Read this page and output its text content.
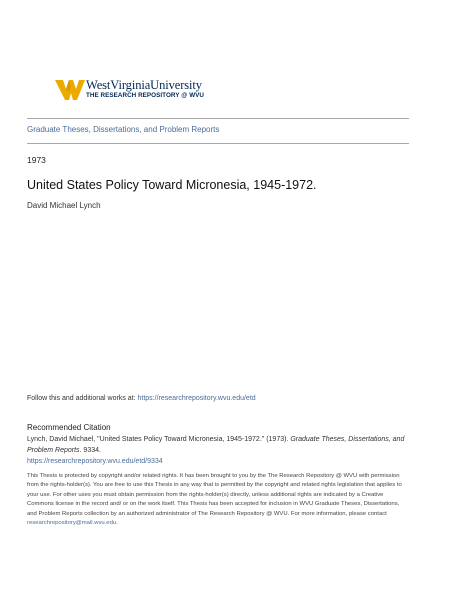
WestVirginiaUniversity
THE RESEARCH REPOSITORY @ WVU
Graduate Theses, Dissertations, and Problem Reports
1973
United States Policy Toward Micronesia, 1945-1972.
David Michael Lynch
Follow this and additional works at: https://researchrepository.wvu.edu/etd
Recommended Citation
Lynch, David Michael, "United States Policy Toward Micronesia, 1945-1972." (1973). Graduate Theses, Dissertations, and Problem Reports. 9334.
https://researchrepository.wvu.edu/etd/9334
This Thesis is protected by copyright and/or related rights. It has been brought to you by the The Research Repository @ WVU with permission from the rights-holder(s). You are free to use this Thesis in any way that is permitted by the copyright and related rights legislation that applies to your use. For other uses you must obtain permission from the rights-holder(s) directly, unless additional rights are indicated by a Creative Commons license in the record and/ or on the work itself. This Thesis has been accepted for inclusion in WVU Graduate Theses, Dissertations, and Problem Reports collection by an authorized administrator of The Research Repository @ WVU. For more information, please contact researchrepository@mail.wvu.edu.
